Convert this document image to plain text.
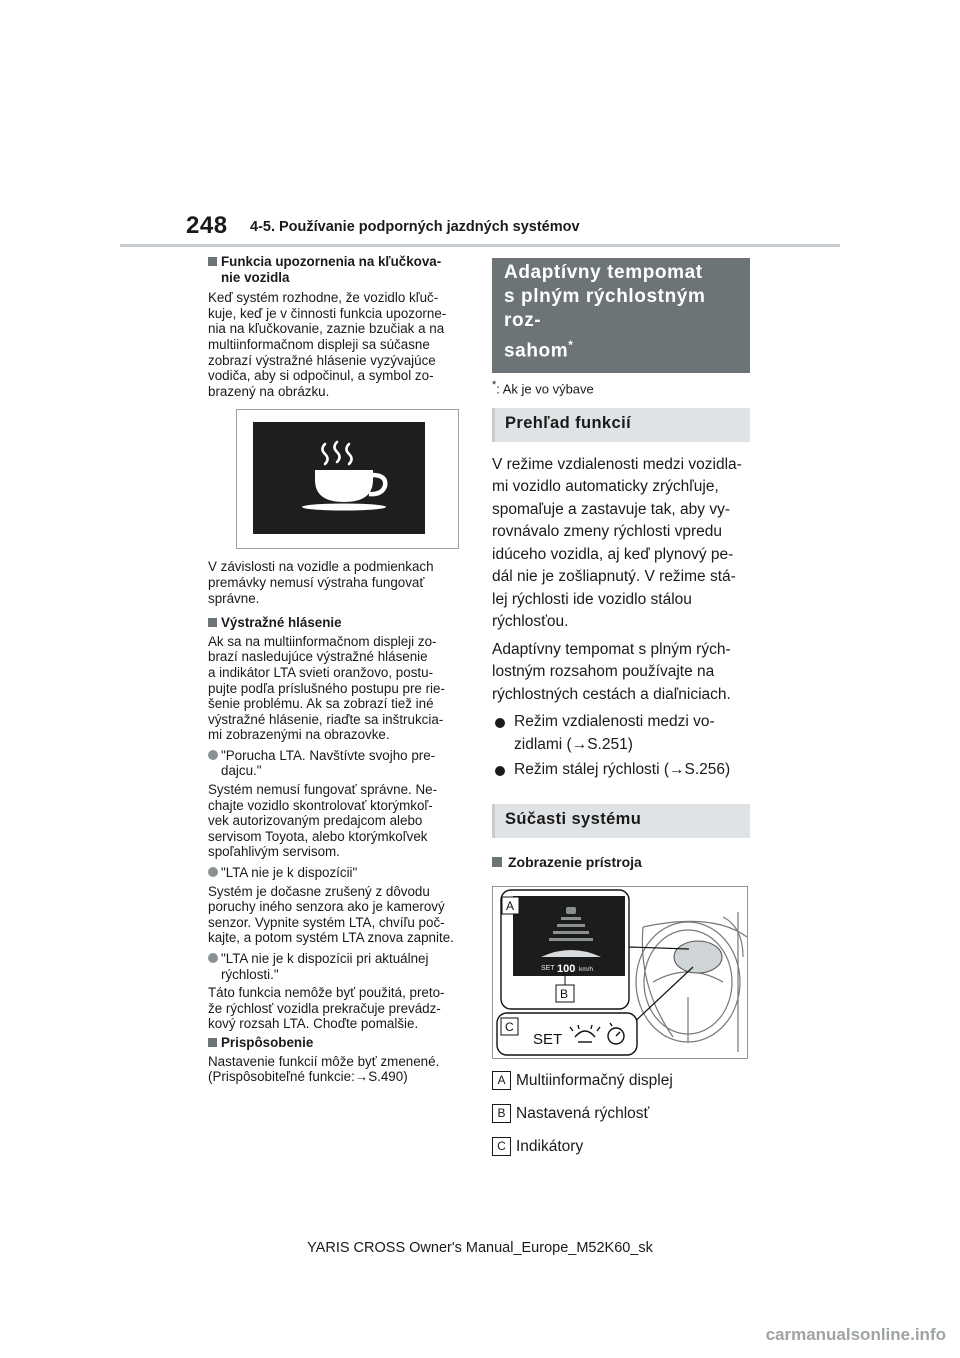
248 4-5. Používanie podporných jazdných systémov
Funkcia upozornenia na kľučkova-
nie vozidla

Keď systém rozhodne, že vozidlo kľuč-
kuje, keď je v činnosti funkcia upozorne-
nia na kľučkovanie, zaznie bzučiak a na
multiinformačnom displeji sa súčasne
zobrazí výstražné hlásenie vyzývajúce
vodiča, aby si odpočinul, a symbol zo-
brazený na obrázku.

V závislosti na vozidle a podmienkach
premávky nemusí výstraha fungovať
správne.

Výstražné hlásenie

Ak sa na multiinformačnom displeji zo-
brazí nasledujúce výstražné hlásenie
a indikátor LTA svieti oranžovo, postu-
pujte podľa príslušného postupu pre rie-
šenie problému. Ak sa zobrazí tiež iné
výstražné hlásenie, riaďte sa inštrukcia-
mi zobrazenými na obrazovke.

"Porucha LTA. Navštívte svojho pre-
dajcu."

Systém nemusí fungovať správne. Ne-
chajte vozidlo skontrolovať ktorýmkoľ-
vek autorizovaným predajcom alebo
servisom Toyota, alebo ktorýmkoľvek
spoľahlivým servisom.

"LTA nie je k dispozícii"

Systém je dočasne zrušený z dôvodu
poruchy iného senzora ako je kamerový
senzor. Vypnite systém LTA, chvíľu poč-
kajte, a potom systém LTA znova zapnite.

"LTA nie je k dispozícii pri aktuálnej
rýchlosti."

Táto funkcia nemôže byť použitá, preto-
že rýchlosť vozidla prekračuje prevádz-
kový rozsah LTA. Choďte pomalšie.

Prispôsobenie

Nastavenie funkcií môže byť zmenené.
(Prispôsobiteľné funkcie:→S.490)

Adaptívny tempomat
s plným rýchlostným roz-
sahom*

*: Ak je vo výbave

Prehľad funkcií

V režime vzdialenosti medzi vozidla-
mi vozidlo automaticky zrýchľuje,
spomaľuje a zastavuje tak, aby vy-
rovnávalo zmeny rýchlosti vpredu
idúceho vozidla, aj keď plynový pe-
dál nie je zošliapnutý. V režime stá-
lej rýchlosti ide vozidlo stálou
rýchlosťou.

Adaptívny tempomat s plným rých-
lostným rozsahom používajte na
rýchlostných cestách a diaľniciach.

Režim vzdialenosti medzi vo-
zidlami (→S.251)
Režim stálej rýchlosti (→S.256)
Súčasti systému
Zobrazenie prístroja
SET 100 km/h
A
B
C
SET
A Multiinformačný displej
B Nastavená rýchlosť
C Indikátory
YARIS CROSS Owner's Manual_Europe_M52K60_sk
carmanualsonline.info
